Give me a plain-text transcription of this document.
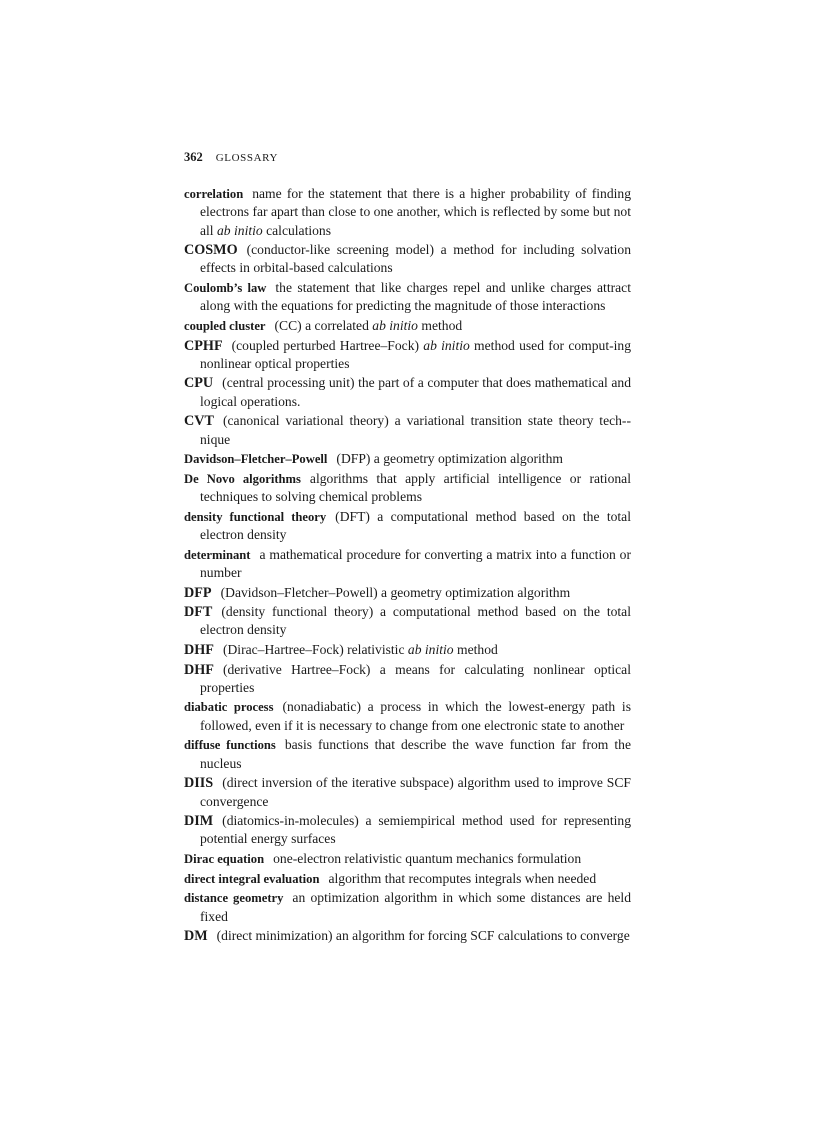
362 GLOSSARY
correlation name for the statement that there is a higher probability of finding electrons far apart than close to one another, which is reflected by some but not all ab initio calculations
COSMO (conductor-like screening model) a method for including solvation effects in orbital-based calculations
Coulomb’s law the statement that like charges repel and unlike charges attract along with the equations for predicting the magnitude of those interactions
coupled cluster (CC) a correlated ab initio method
CPHF (coupled perturbed Hartree–Fock) ab initio method used for comput-ing nonlinear optical properties
CPU (central processing unit) the part of a computer that does mathematical and logical operations.
CVT (canonical variational theory) a variational transition state theory tech-nique
Davidson–Fletcher–Powell (DFP) a geometry optimization algorithm
De Novo algorithms algorithms that apply artificial intelligence or rational techniques to solving chemical problems
density functional theory (DFT) a computational method based on the total electron density
determinant a mathematical procedure for converting a matrix into a function or number
DFP (Davidson–Fletcher–Powell) a geometry optimization algorithm
DFT (density functional theory) a computational method based on the total electron density
DHF (Dirac–Hartree–Fock) relativistic ab initio method
DHF (derivative Hartree–Fock) a means for calculating nonlinear optical properties
diabatic process (nonadiabatic) a process in which the lowest-energy path is followed, even if it is necessary to change from one electronic state to another
diffuse functions basis functions that describe the wave function far from the nucleus
DIIS (direct inversion of the iterative subspace) algorithm used to improve SCF convergence
DIM (diatomics-in-molecules) a semiempirical method used for representing potential energy surfaces
Dirac equation one-electron relativistic quantum mechanics formulation
direct integral evaluation algorithm that recomputes integrals when needed
distance geometry an optimization algorithm in which some distances are held fixed
DM (direct minimization) an algorithm for forcing SCF calculations to converge
